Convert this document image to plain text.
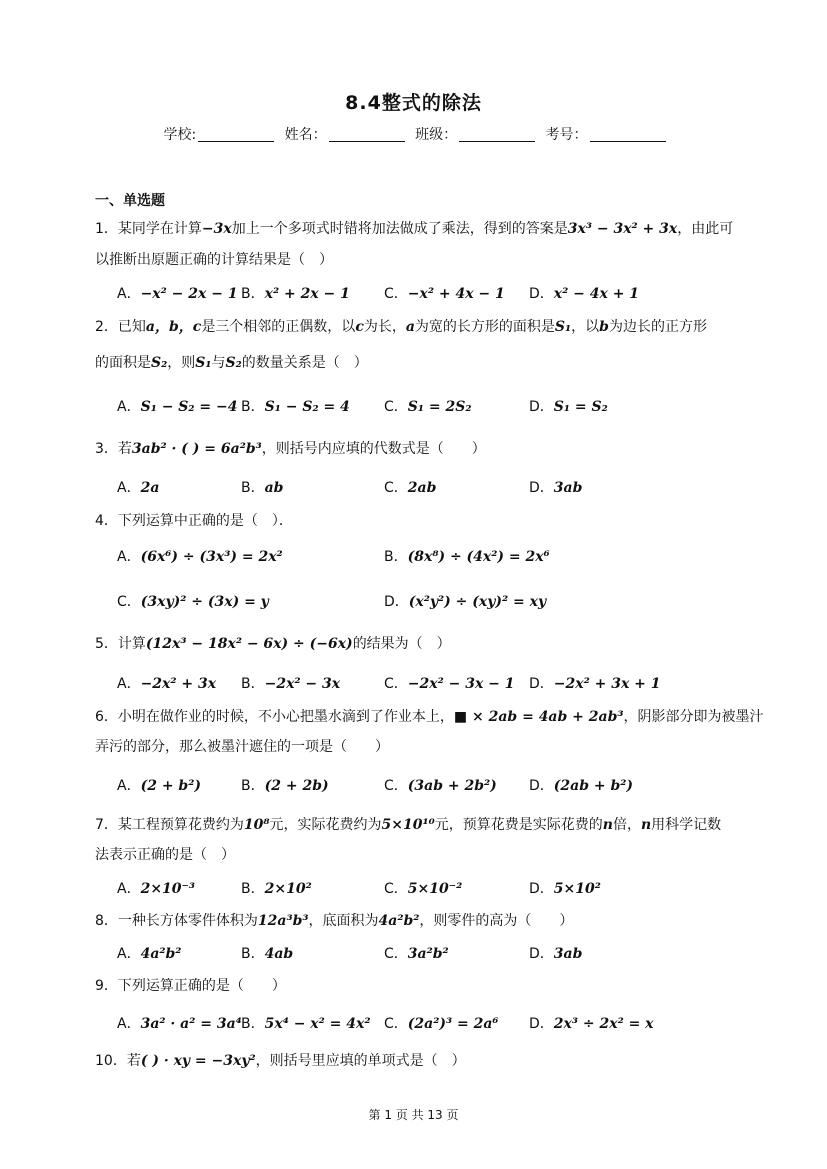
8.4整式的除法
学校:	姓名：	班级：	考号：
一、单选题
1．某同学在计算−3x加上一个多项式时错将加法做成了乘法，得到的答案是3x³ − 3x² + 3x，由此可
以推断出原题正确的计算结果是（　）
A．−x² − 2x − 1 B．x² + 2x − 1 C．−x² + 4x − 1 D．x² − 4x + 1
2．已知a，b，c是三个相邻的正偶数，以c为长，a为宽的长方形的面积是S₁，以b为边长的正方形
的面积是S₂，则S₁与S₂的数量关系是（　）
A．S₁ − S₂ = −4 B．S₁ − S₂ = 4 C．S₁ = 2S₂	D．S₁ = S₂
3．若3ab² · ( ) = 6a²b³，则括号内应填的代数式是（　　）
A．2a	B．ab	C．2ab	D．3ab
4．下列运算中正确的是（　）．
A．(6x⁶) ÷ (3x³) = 2x²	B．(8x⁸) ÷ (4x²) = 2x⁶
C．(3xy)² ÷ (3x) = y	D．(x²y²) ÷ (xy)² = xy
5．计算(12x³ − 18x² − 6x) ÷ (−6x)的结果为（　）
A．−2x² + 3x B．−2x² − 3x	C．−2x² − 3x − 1 D．−2x² + 3x + 1
6．小明在做作业的时候，不小心把墨水滴到了作业本上，■ × 2ab = 4ab + 2ab³，阴影部分即为被墨汁
弄污的部分，那么被墨汁遮住的一项是（　　）
A．(2 + b²)	B．(2 + 2b)	C．(3ab + 2b²) D．(2ab + b²)
7．某工程预算花费约为10⁸元，实际花费约为5×10¹⁰元，预算花费是实际花费的n倍，n用科学记数
法表示正确的是（　）
A．2×10⁻³	B．2×10²	C．5×10⁻²	D．5×10²
8．一种长方体零件体积为12a³b³，底面积为4a²b²，则零件的高为（　　）
A．4a²b²	B．4ab	C．3a²b²	D．3ab
9．下列运算正确的是（　　）
A．3a² · a² = 3a⁴ B．5x⁴ − x² = 4x² C．(2a²)³ = 2a⁶ D．2x³ ÷ 2x² = x
10．若( ) · xy = −3xy²，则括号里应填的单项式是（　）
第 1 页 共 13 页
